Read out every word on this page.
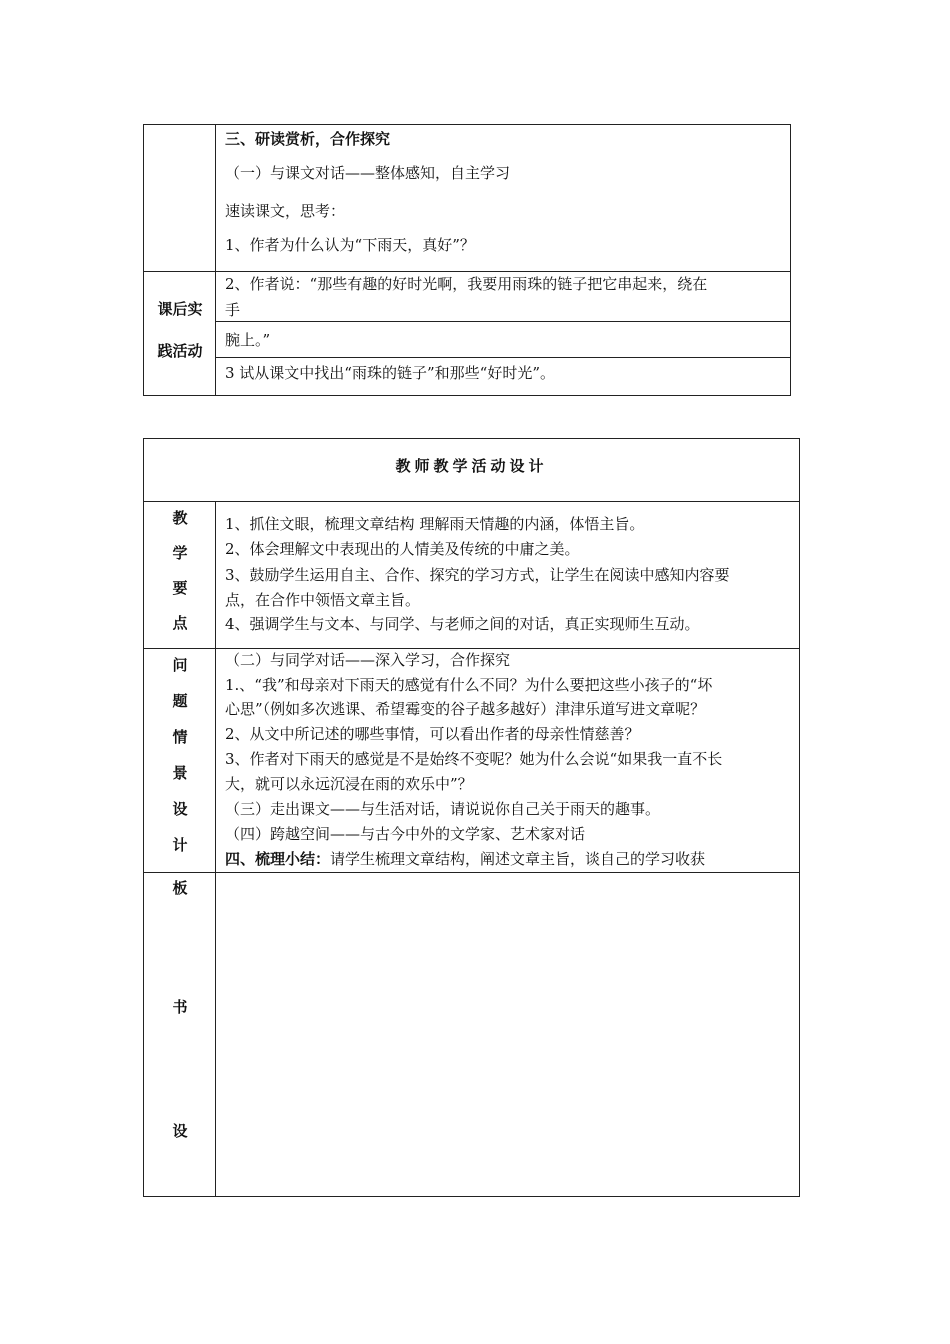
课后实
践活动
三、研读赏析，合作探究
（一）与课文对话——整体感知，自主学习
速读课文，思考：
1、作者为什么认为“下雨天，真好”？
2、作者说：“那些有趣的好时光啊，我要用雨珠的链子把它串起来，绕在
手
腕上。”
3 试从课文中找出“雨珠的链子”和那些“好时光”。
教师教学活动设计
教
学
要
点
1、抓住文眼，梳理文章结构 理解雨天情趣的内涵，体悟主旨。
2、体会理解文中表现出的人情美及传统的中庸之美。
3、鼓励学生运用自主、合作、探究的学习方式，让学生在阅读中感知内容要
点，在合作中领悟文章主旨。
4、强调学生与文本、与同学、与老师之间的对话，真正实现师生互动。
问
题
情
景
设
计
（二）与同学对话——深入学习，合作探究
1.、“我”和母亲对下雨天的感觉有什么不同？为什么要把这些小孩子的“坏
心思”（例如多次逃课、希望霉变的谷子越多越好）津津乐道写进文章呢？
2、从文中所记述的哪些事情，可以看出作者的母亲性情慈善？
3、作者对下雨天的感觉是不是始终不变呢？她为什么会说“如果我一直不长
大，就可以永远沉浸在雨的欢乐中”？
（三）走出课文——与生活对话，请说说你自己关于雨天的趣事。
（四）跨越空间——与古今中外的文学家、艺术家对话
四、梳理小结：请学生梳理文章结构，阐述文章主旨，谈自己的学习收获
板
书
设
